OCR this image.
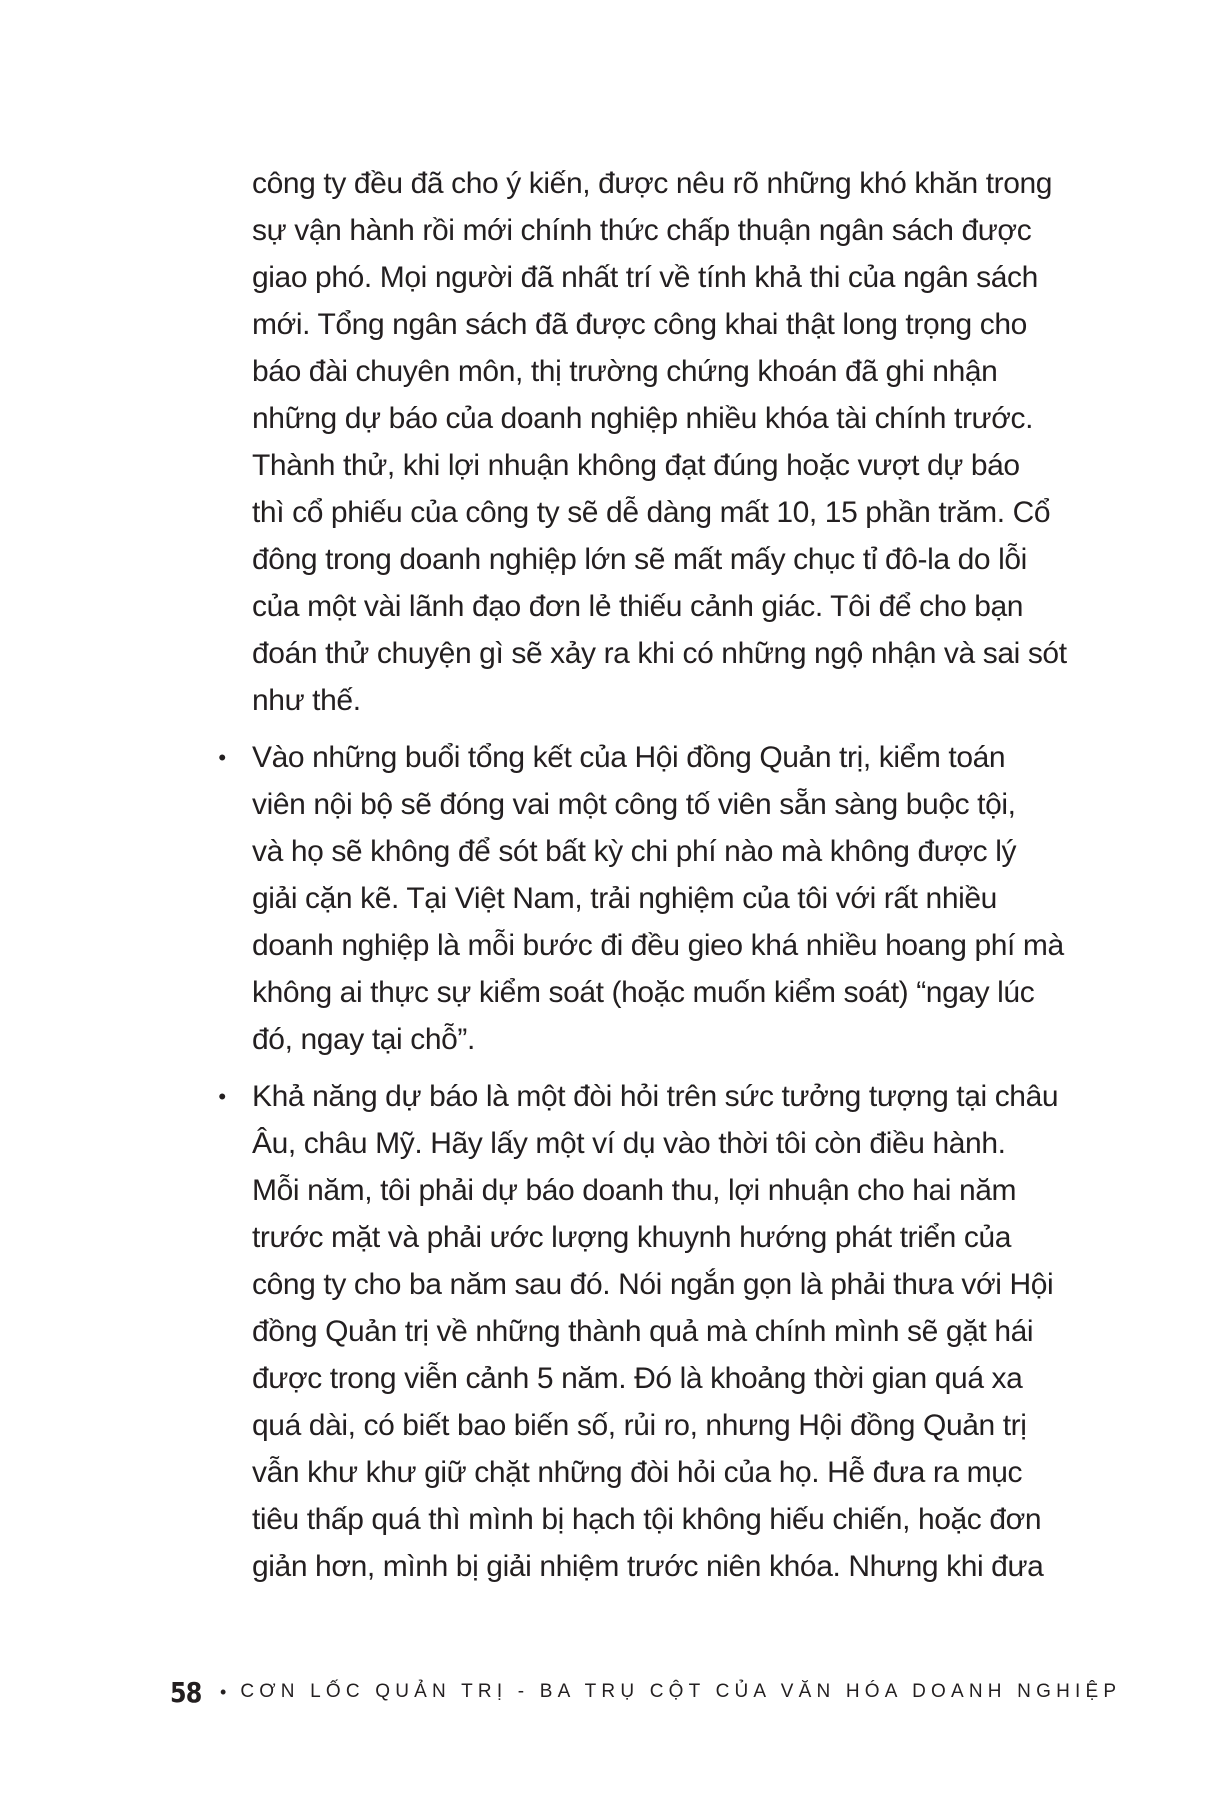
công ty đều đã cho ý kiến, được nêu rõ những khó khăn trong
sự vận hành rồi mới chính thức chấp thuận ngân sách được
giao phó. Mọi người đã nhất trí về tính khả thi của ngân sách
mới. Tổng ngân sách đã được công khai thật long trọng cho
báo đài chuyên môn, thị trường chứng khoán đã ghi nhận
những dự báo của doanh nghiệp nhiều khóa tài chính trước.
Thành thử, khi lợi nhuận không đạt đúng hoặc vượt dự báo
thì cổ phiếu của công ty sẽ dễ dàng mất 10, 15 phần trăm. Cổ
đông trong doanh nghiệp lớn sẽ mất mấy chục tỉ đô-la do lỗi
của một vài lãnh đạo đơn lẻ thiếu cảnh giác. Tôi để cho bạn
đoán thử chuyện gì sẽ xảy ra khi có những ngộ nhận và sai sót
như thế.
• Vào những buổi tổng kết của Hội đồng Quản trị, kiểm toán
viên nội bộ sẽ đóng vai một công tố viên sẵn sàng buộc tội,
và họ sẽ không để sót bất kỳ chi phí nào mà không được lý
giải cặn kẽ. Tại Việt Nam, trải nghiệm của tôi với rất nhiều
doanh nghiệp là mỗi bước đi đều gieo khá nhiều hoang phí mà
không ai thực sự kiểm soát (hoặc muốn kiểm soát) “ngay lúc
đó, ngay tại chỗ”.
• Khả năng dự báo là một đòi hỏi trên sức tưởng tượng tại châu
Âu, châu Mỹ. Hãy lấy một ví dụ vào thời tôi còn điều hành.
Mỗi năm, tôi phải dự báo doanh thu, lợi nhuận cho hai năm
trước mặt và phải ước lượng khuynh hướng phát triển của
công ty cho ba năm sau đó. Nói ngắn gọn là phải thưa với Hội
đồng Quản trị về những thành quả mà chính mình sẽ gặt hái
được trong viễn cảnh 5 năm. Đó là khoảng thời gian quá xa
quá dài, có biết bao biến số, rủi ro, nhưng Hội đồng Quản trị
vẫn khư khư giữ chặt những đòi hỏi của họ. Hễ đưa ra mục
tiêu thấp quá thì mình bị hạch tội không hiếu chiến, hoặc đơn
giản hơn, mình bị giải nhiệm trước niên khóa. Nhưng khi đưa
58 • CƠN LỐC QUẢN TRỊ - BA TRỤ CỘT CỦA VĂN HÓA DOANH NGHIỆP
